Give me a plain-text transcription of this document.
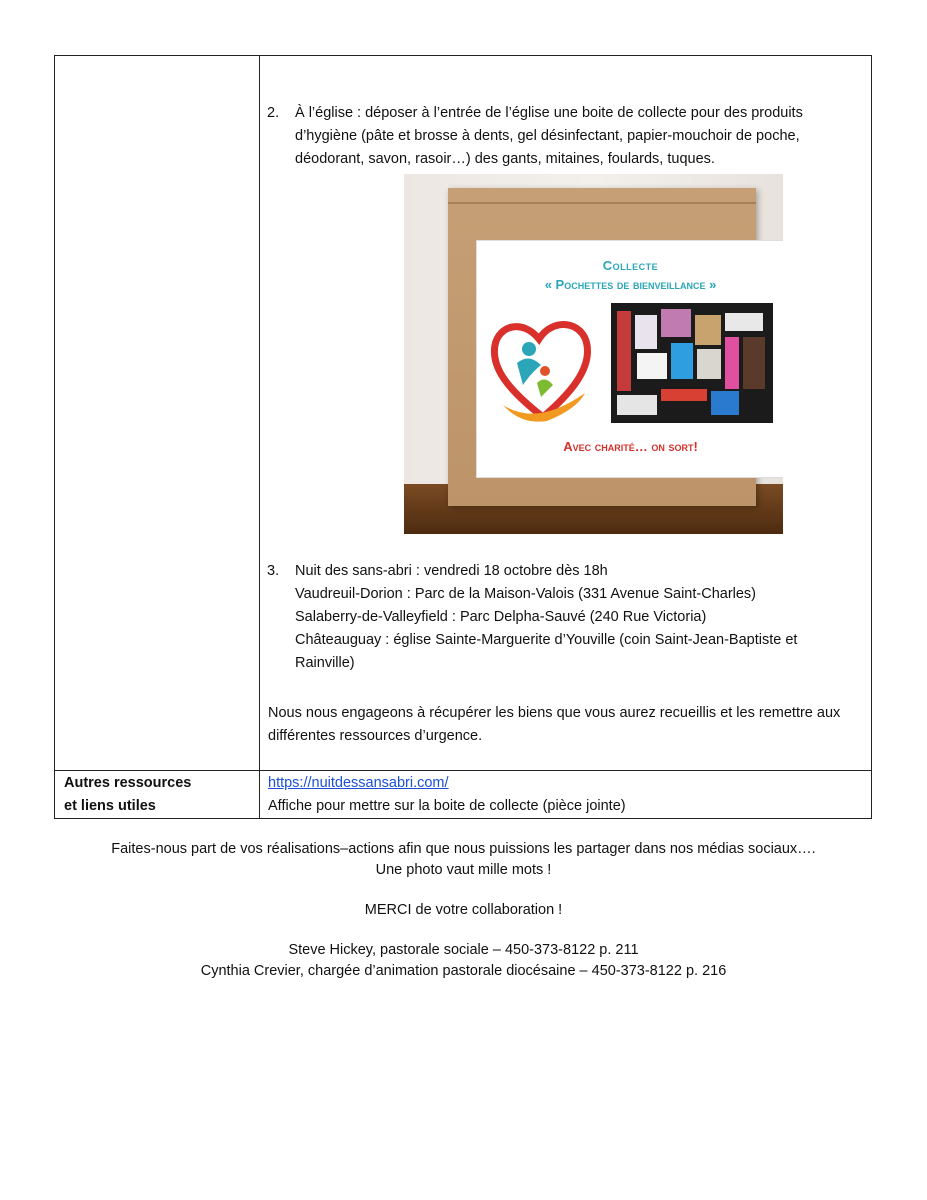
2. À l’église : déposer à l’entrée de l’église une boite de collecte pour des produits d’hygiène (pâte et brosse à dents, gel désinfectant, papier-mouchoir de poche, déodorant, savon, rasoir…) des gants, mitaines, foulards, tuques.
Collecte
« Pochettes de bienveillance »
Avec charité… on sort!
3. Nuit des sans-abri : vendredi 18 octobre dès 18h
Vaudreuil-Dorion : Parc de la Maison-Valois (331 Avenue Saint-Charles)
Salaberry-de-Valleyfield : Parc Delpha-Sauvé (240 Rue Victoria)
Châteauguay : église Sainte-Marguerite d’Youville (coin Saint-Jean-Baptiste et Rainville)
Nous nous engageons à récupérer les biens que vous aurez recueillis et les remettre aux différentes ressources d’urgence.
Autres ressources
et liens utiles
https://nuitdessansabri.com/
Affiche pour mettre sur la boite de collecte (pièce jointe)
Faites-nous part de vos réalisations–actions afin que nous puissions les partager dans nos médias sociaux….
Une photo vaut mille mots !
MERCI de votre collaboration !
Steve Hickey, pastorale sociale – 450-373-8122 p. 211
Cynthia Crevier, chargée d’animation pastorale diocésaine – 450-373-8122 p. 216
